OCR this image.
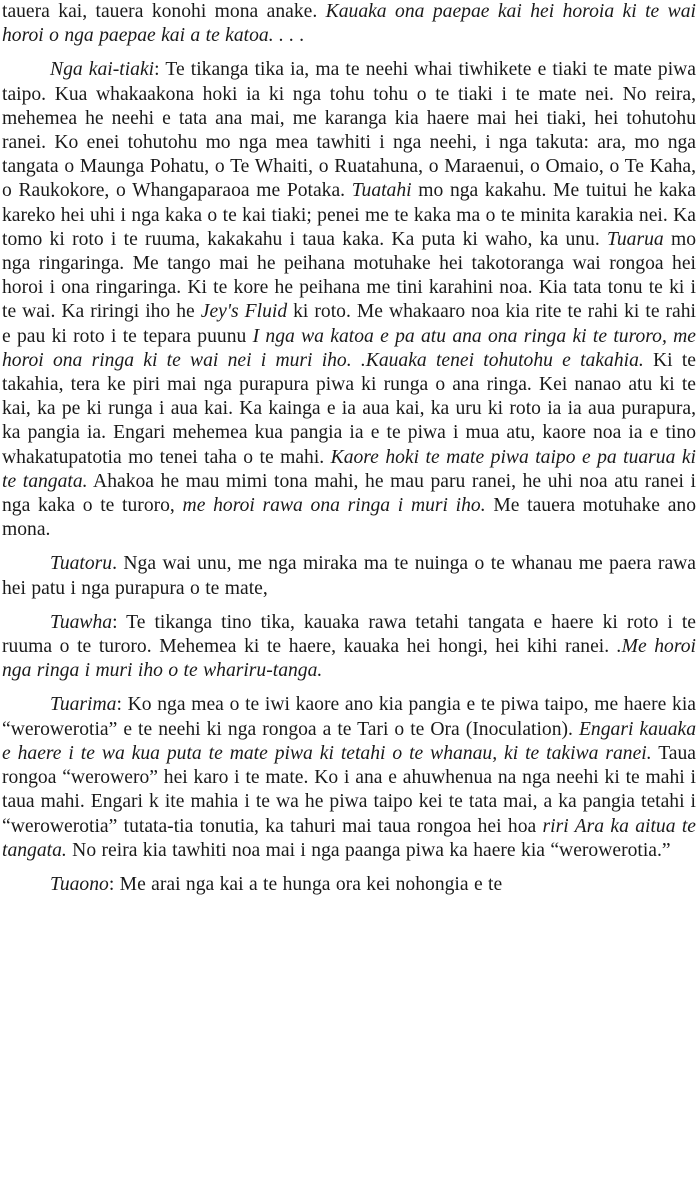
tauera kai, tauera konohi mona anake. Kauaka ona paepae kai hei horoia ki te wai horoi o nga paepae kai a te katoa. . . .

Nga kai-tiaki: Te tikanga tika ia, ma te neehi whai tiwhikete e tiaki te mate piwa taipo. Kua whakaakona hoki ia ki nga tohu tohu o te tiaki i te mate nei. No reira, mehemea he neehi e tata ana mai, me karanga kia haere mai hei tiaki, hei tohutohu ranei. Ko enei tohutohu mo nga mea tawhiti i nga neehi, i nga takuta: ara, mo nga tangata o Maunga Pohatu, o Te Whaiti, o Ruatahuna, o Maraenui, o Omaio, o Te Kaha, o Raukokore, o Whangaparaoa me Potaka. Tuatahi mo nga kakahu. Me tuitui he kaka kareko hei uhi i nga kaka o te kai tiaki; penei me te kaka ma o te minita karakia nei. Ka tomo ki roto i te ruuma, kakakahu i taua kaka. Ka puta ki waho, ka unu. Tuarua mo nga ringaringa. Me tango mai he peihana motuhake hei takotoranga wai rongoa hei horoi i ona ringaringa. Ki te kore he peihana me tini karahini noa. Kia tata tonu te ki i te wai. Ka riringi iho he Jey's Fluid ki roto. Me whakaaro noa kia rite te rahi ki te rahi e pau ki roto i te tepara puunu I nga wa katoa e pa atu ana ona ringa ki te turoro, me horoi ona ringa ki te wai nei i muri iho. .Kauaka tenei tohutohu e takahia. Ki te takahia, tera ke piri mai nga purapura piwa ki runga o ana ringa. Kei nanao atu ki te kai, ka pe ki runga i aua kai. Ka kainga e ia aua kai, ka uru ki roto ia ia aua purapura, ka pangia ia. Engari mehemea kua pangia ia e te piwa i mua atu, kaore noa ia e tino whakatupatotia mo tenei taha o te mahi. Kaore hoki te mate piwa taipo e pa tuarua ki te tangata. Ahakoa he mau mimi tona mahi, he mau paru ranei, he uhi noa atu ranei i nga kaka o te turoro, me horoi rawa ona ringa i muri iho. Me tauera motuhake ano mona.

Tuatoru. Nga wai unu, me nga miraka ma te nuinga o te whanau me paera rawa hei patu i nga purapura o te mate,

Tuawha: Te tikanga tino tika, kauaka rawa tetahi tangata e haere ki roto i te ruuma o te turoro. Mehemea ki te haere, kauaka hei hongi, hei kihi ranei. .Me horoi nga ringa i muri iho o te whariru-tanga.

Tuarima: Ko nga mea o te iwi kaore ano kia pangia e te piwa taipo, me haere kia “werowerotia” e te neehi ki nga rongoa a te Tari o te Ora (Inoculation). Engari kauaka e haere i te wa kua puta te mate piwa ki tetahi o te whanau, ki te takiwa ranei. Taua rongoa “werowero” hei karo i te mate. Ko i ana e ahuwhenua na nga neehi ki te mahi i taua mahi. Engari k ite mahia i te wa he piwa taipo kei te tata mai, a ka pangia tetahi i “werowerotia” tutata-tia tonutia, ka tahuri mai taua rongoa hei hoa riri Ara ka aitua te tangata. No reira kia tawhiti noa mai i nga paanga piwa ka haere kia “werowerotia.”

Tuaono: Me arai nga kai a te hunga ora kei nohongia e te
